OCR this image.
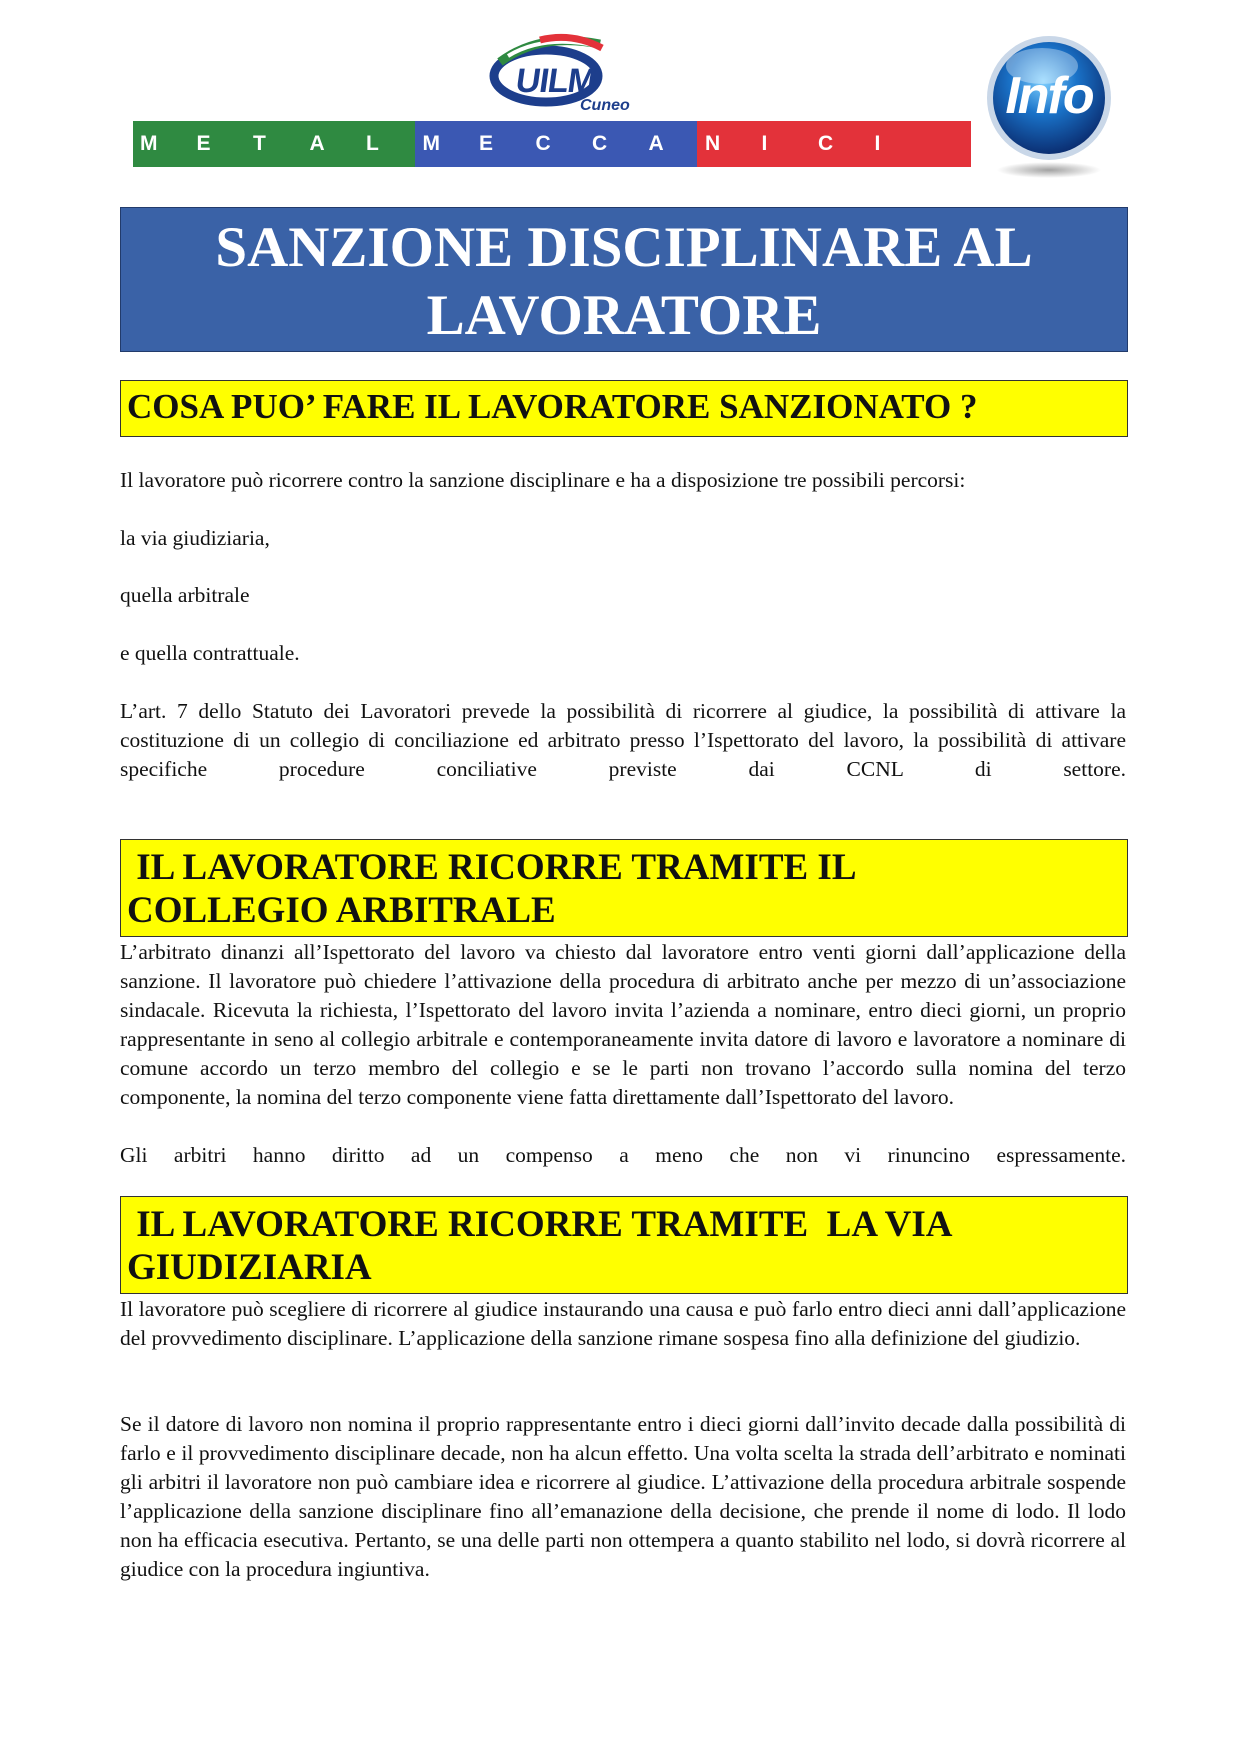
UILM
Cuneo
M E T A L M E C C A N I C I
Info
SANZIONE DISCIPLINARE AL
LAVORATORE
COSA PUO’ FARE IL LAVORATORE SANZIONATO ?

Il lavoratore può ricorrere contro la sanzione disciplinare e ha a disposizione tre possibili percorsi:

la via giudiziaria,

quella arbitrale

e quella contrattuale.

L’art. 7 dello Statuto dei Lavoratori prevede la possibilità di ricorrere al giudice, la possibilità di attivare la costituzione di un collegio di conciliazione ed arbitrato presso l’Ispettorato del lavoro, la possibilità di attivare specifiche procedure conciliative previste dai CCNL di settore.

IL LAVORATORE RICORRE TRAMITE IL
COLLEGIO ARBITRALE

L’arbitrato dinanzi all’Ispettorato del lavoro va chiesto dal lavoratore entro venti giorni dall’applicazione della sanzione. Il lavoratore può chiedere l’attivazione della procedura di arbitrato anche per mezzo di un’associazione sindacale. Ricevuta la richiesta, l’Ispettorato del lavoro invita l’azienda a nominare, entro dieci giorni, un proprio rappresentante in seno al collegio arbitrale e contemporaneamente invita datore di lavoro e lavoratore a nominare di comune accordo un terzo membro del collegio e se le parti non trovano l’accordo sulla nomina del terzo componente, la nomina del terzo componente viene fatta direttamente dall’Ispettorato del lavoro.

Gli arbitri hanno diritto ad un compenso a meno che non vi rinuncino espressamente.

IL LAVORATORE RICORRE TRAMITE  LA VIA
GIUDIZIARIA

Il lavoratore può scegliere di ricorrere al giudice instaurando una causa e può farlo entro dieci anni dall’applicazione del provvedimento disciplinare. L’applicazione della sanzione rimane sospesa fino alla definizione del giudizio.

Se il datore di lavoro non nomina il proprio rappresentante entro i dieci giorni dall’invito decade dalla possibilità di farlo e il provvedimento disciplinare decade, non ha alcun effetto. Una volta scelta la strada dell’arbitrato e nominati gli arbitri il lavoratore non può cambiare idea e ricorrere al giudice. L’attivazione della procedura arbitrale sospende l’applicazione della sanzione disciplinare fino all’emanazione della decisione, che prende il nome di lodo. Il lodo non ha efficacia esecutiva. Pertanto, se una delle parti non ottempera a quanto stabilito nel lodo, si dovrà ricorrere al giudice con la procedura ingiuntiva.
